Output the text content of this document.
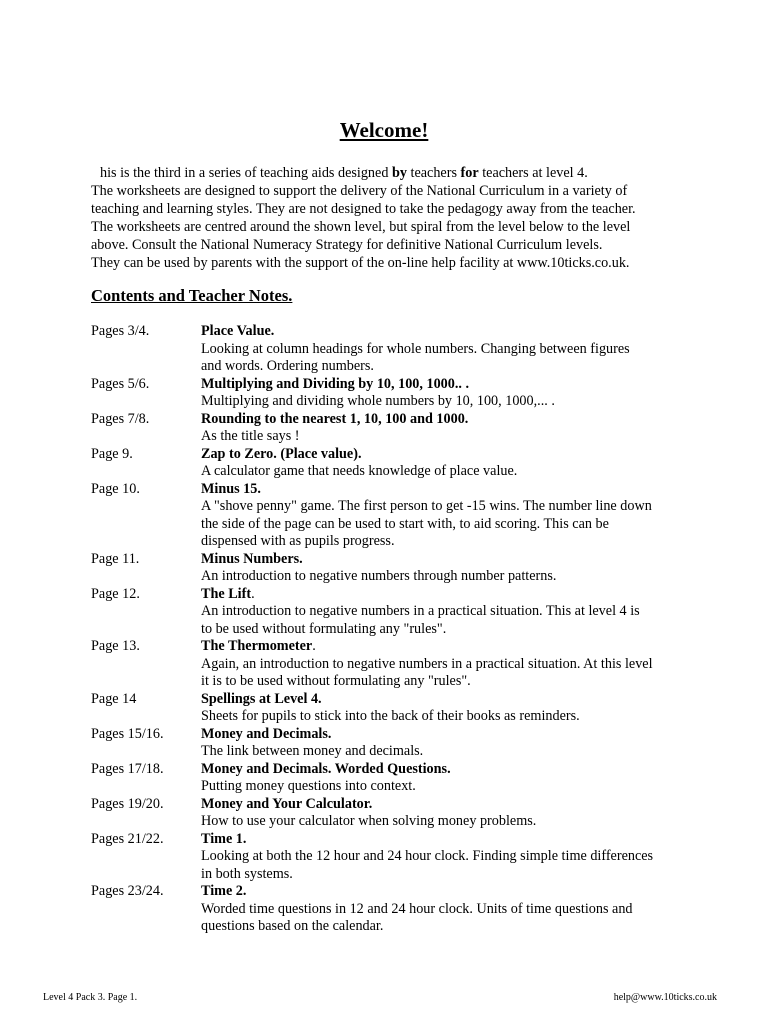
Welcome!
his is the third in a series of teaching aids designed by teachers for teachers at level 4.
The worksheets are designed to support the delivery of the National Curriculum in a variety of
teaching and learning styles. They are not designed to take the pedagogy away from the teacher.
The worksheets are centred around the shown level, but spiral from the level below to the level
above. Consult the National Numeracy Strategy for definitive National Curriculum levels.
They can be used by parents with the support of the on-line help facility at www.10ticks.co.uk.
Contents and Teacher Notes.
Pages 3/4.	Place Value.
Looking at column headings for whole numbers. Changing between figures
and words. Ordering numbers.
Pages 5/6.	Multiplying and Dividing by 10, 100, 1000.. .
Multiplying and dividing whole numbers by 10, 100, 1000,... .
Pages 7/8.	Rounding to the nearest 1, 10, 100 and 1000.
As the title says !
Page 9.	Zap to Zero. (Place value).
A calculator game that needs knowledge of place value.
Page 10.	Minus 15.
A "shove penny" game. The first person to get -15 wins. The number line down
the side of the page can be used to start with, to aid scoring. This can be
dispensed with as pupils progress.
Page 11.	Minus Numbers.
An introduction to negative numbers through number patterns.
Page 12.	The Lift.
An introduction to negative numbers in a practical situation. This at level 4 is
to be used without formulating any "rules".
Page 13.	The Thermometer.
Again, an introduction to negative numbers in a practical situation. At this level
it is to be used without formulating any "rules".
Page 14	Spellings at Level 4.
Sheets for pupils to stick into the back of their books as reminders.
Pages 15/16.	Money and Decimals.
The link between money and decimals.
Pages 17/18.	Money and Decimals. Worded Questions.
Putting money questions into context.
Pages 19/20.	Money and Your Calculator.
How to use your calculator when solving money problems.
Pages 21/22.	Time 1.
Looking at both the 12 hour and 24 hour clock. Finding simple time differences
in both systems.
Pages 23/24.	Time 2.
Worded time questions in 12 and 24 hour clock. Units of time questions and
questions based on the calendar.
Level 4 Pack 3. Page 1.	help@www.10ticks.co.uk
